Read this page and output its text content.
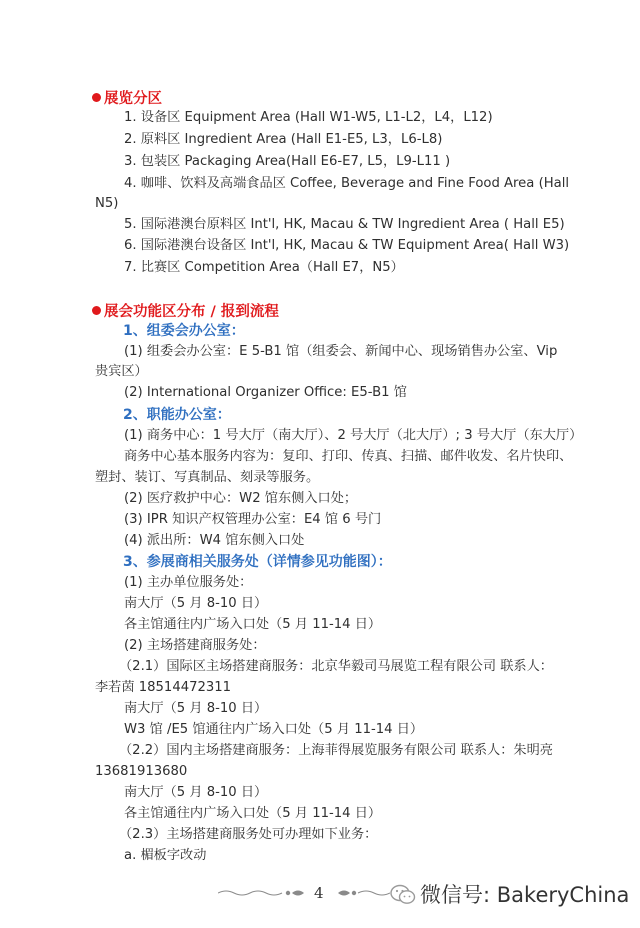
展览分区
1. 设备区 Equipment Area (Hall W1-W5, L1-L2，L4，L12)
2. 原料区 Ingredient Area (Hall E1-E5, L3，L6-L8)
3. 包装区 Packaging Area(Hall E6-E7, L5，L9-L11 )
4. 咖啡、饮料及高端食品区 Coffee, Beverage and Fine Food Area (Hall
N5)
5. 国际港澳台原料区 Int'l, HK, Macau & TW Ingredient Area ( Hall E5)
6. 国际港澳台设备区 Int'l, HK, Macau & TW Equipment Area( Hall W3)
7. 比赛区 Competition Area（Hall E7，N5）
展会功能区分布 / 报到流程
1、组委会办公室：
(1) 组委会办公室：E 5-B1 馆（组委会、新闻中心、现场销售办公室、Vip
贵宾区）
(2) International Organizer Office: E5-B1 馆
2、职能办公室：
(1) 商务中心：1 号大厅（南大厅）、2 号大厅（北大厅）; 3 号大厅（东大厅）
商务中心基本服务内容为：复印、打印、传真、扫描、邮件收发、名片快印、
塑封、装订、写真制品、刻录等服务。
(2) 医疗救护中心：W2 馆东侧入口处；
(3) IPR 知识产权管理办公室：E4 馆 6 号门
(4) 派出所：W4 馆东侧入口处
3、参展商相关服务处（详情参见功能图）：
(1) 主办单位服务处：
南大厅（5 月 8-10 日）
各主馆通往内广场入口处（5 月 11-14 日）
(2) 主场搭建商服务处：
（2.1）国际区主场搭建商服务：北京华毅司马展览工程有限公司 联系人：
李若茵 18514472311
南大厅（5 月 8-10 日）
W3 馆 /E5 馆通往内广场入口处（5 月 11-14 日）
（2.2）国内主场搭建商服务：上海菲得展览服务有限公司 联系人：朱明亮
13681913680
南大厅（5 月 8-10 日）
各主馆通往内广场入口处（5 月 11-14 日）
（2.3）主场搭建商服务处可办理如下业务：
a. 楣板字改动
4	微信号: BakeryChina
